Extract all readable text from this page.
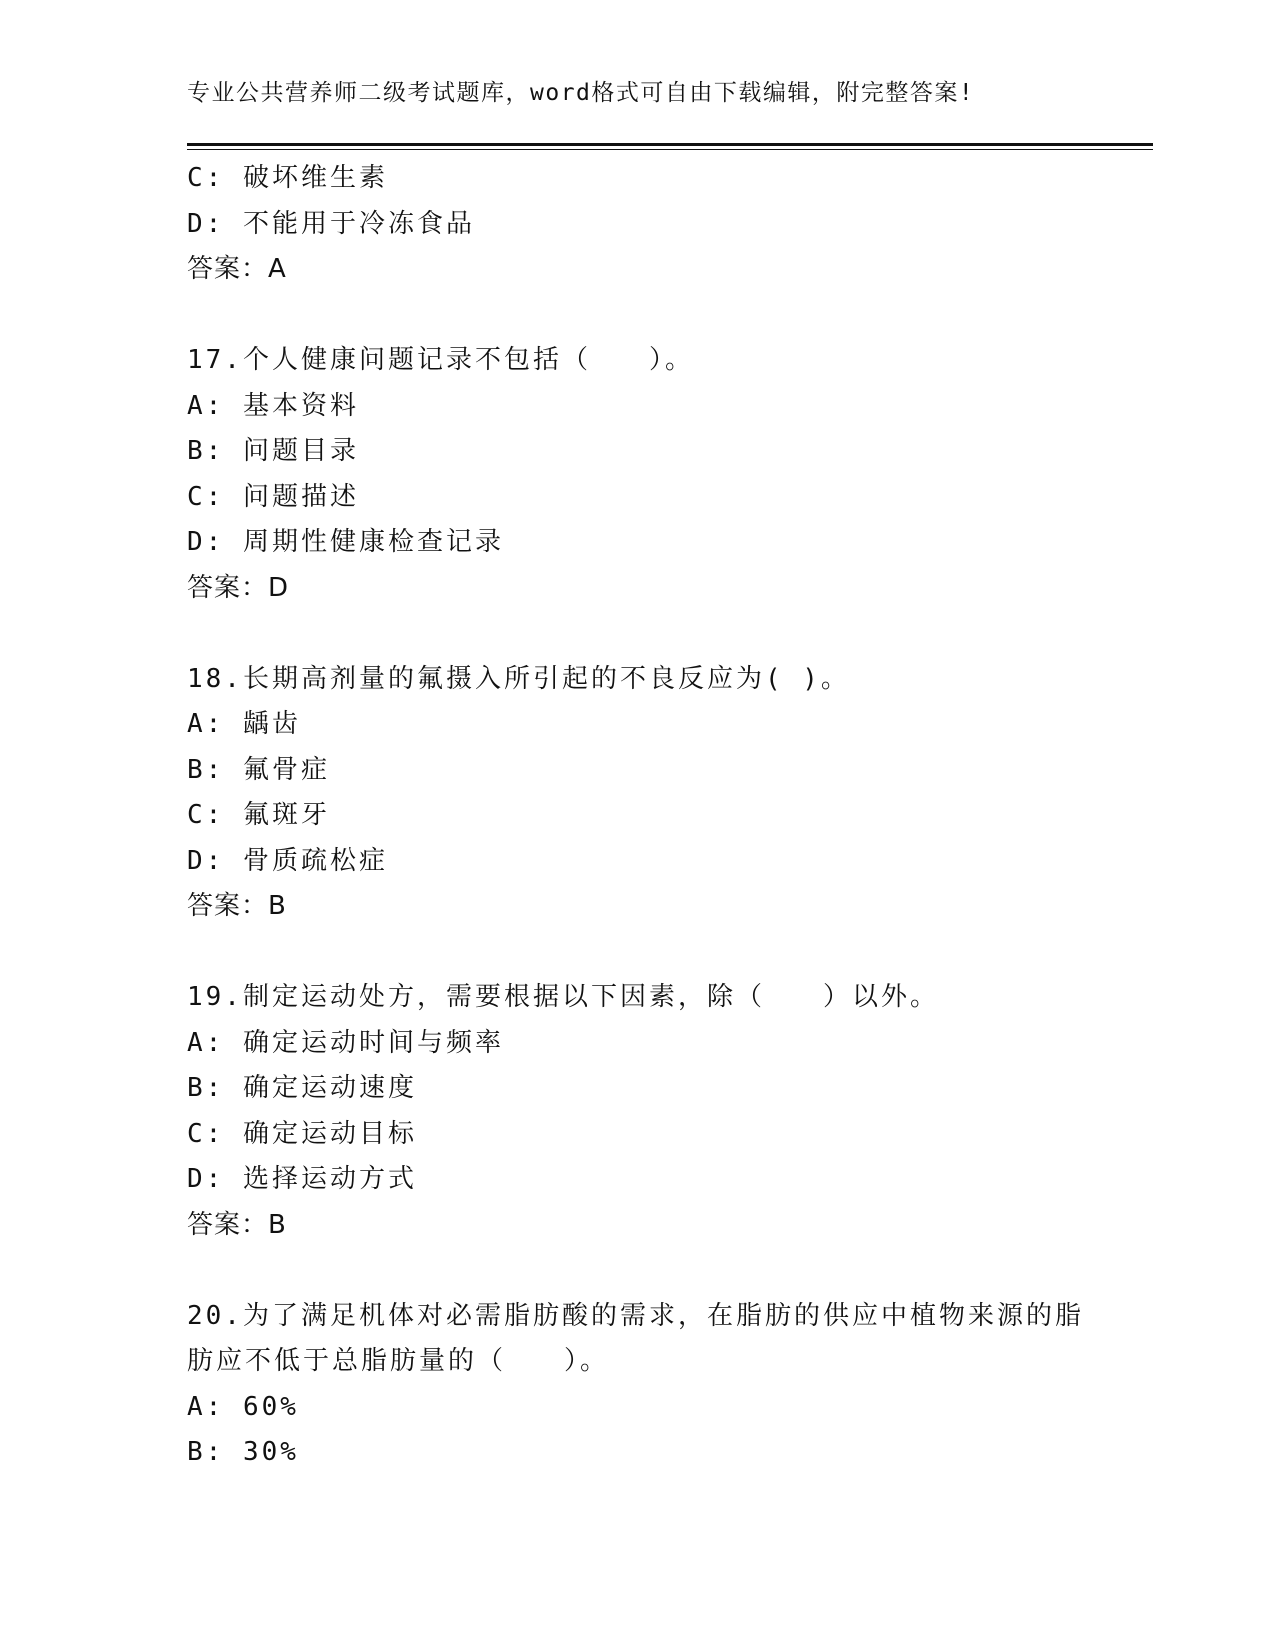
专业公共营养师二级考试题库，word格式可自由下载编辑，附完整答案!
C: 破坏维生素
D: 不能用于冷冻食品
答案：A
17.个人健康问题记录不包括（　　）。
A: 基本资料
B: 问题目录
C: 问题描述
D: 周期性健康检查记录
答案：D
18.长期高剂量的氟摄入所引起的不良反应为( )。
A: 龋齿
B: 氟骨症
C: 氟斑牙
D: 骨质疏松症
答案：B
19.制定运动处方，需要根据以下因素，除（　　）以外。
A: 确定运动时间与频率
B: 确定运动速度
C: 确定运动目标
D: 选择运动方式
答案：B
20.为了满足机体对必需脂肪酸的需求，在脂肪的供应中植物来源的脂
肪应不低于总脂肪量的（　　）。
A: 60%
B: 30%
